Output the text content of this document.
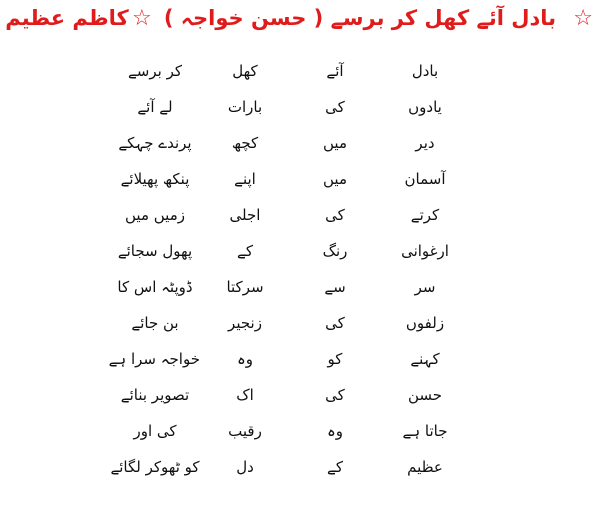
☆
بادل آئے کھل کر برسے ( حسن خواجہ )
☆
کاظم عظیم
بادل
آئے
کھل
کر برسے
یادوں
کی
بارات
لے آئے
دیر
میں
کچھ
پرندے چہکے
آسمان
میں
اپنے
پنکھ پھیلائے
کرتے
کی
اجلی
زمیں میں
ارغوانی
رنگ
کے
پھول سجائے
سر
سے
سرکتا
ڈوپٹہ اس کا
زلفوں
کی
زنجیر
بن جائے
کہنے
کو
وہ
خواجہ سرا ہے
حسن
کی
اک
تصویر بنائے
جاتا ہے
وہ
رقیب
کی اور
عظیم
کے
دل
کو ٹھوکر لگائے
